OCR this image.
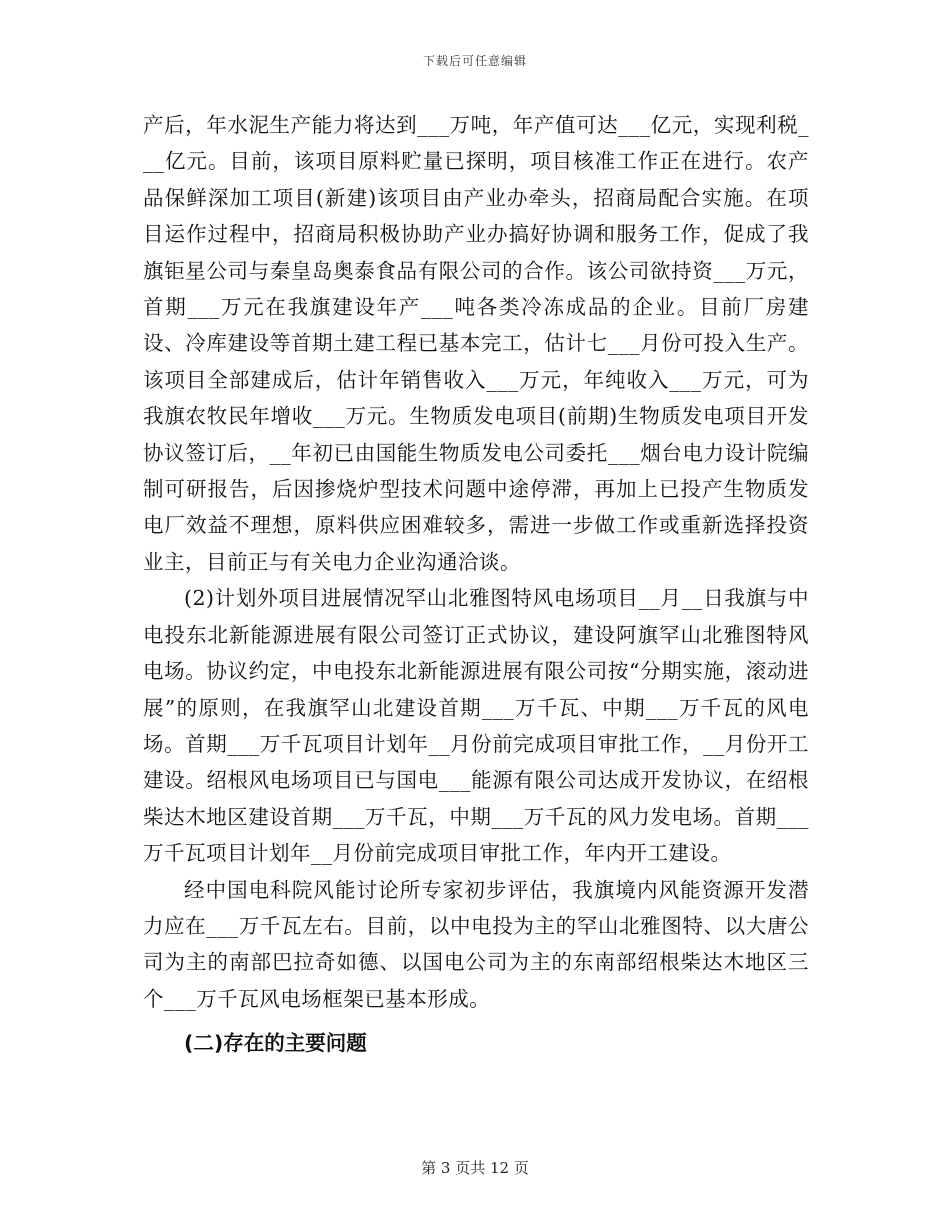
下载后可任意编辑

产后，年水泥生产能力将达到___万吨，年产值可达___亿元，实现利税___亿元。目前，该项目原料贮量已探明，项目核准工作正在进行。农产品保鲜深加工项目(新建)该项目由产业办牵头，招商局配合实施。在项目运作过程中，招商局积极协助产业办搞好协调和服务工作，促成了我旗钜星公司与秦皇岛奥泰食品有限公司的合作。该公司欲持资___万元，首期___万元在我旗建设年产___吨各类冷冻成品的企业。目前厂房建设、冷库建设等首期土建工程已基本完工，估计七___月份可投入生产。该项目全部建成后，估计年销售收入___万元，年纯收入___万元，可为我旗农牧民年增收___万元。生物质发电项目(前期)生物质发电项目开发协议签订后，__年初已由国能生物质发电公司委托___烟台电力设计院编制可研报告，后因掺烧炉型技术问题中途停滞，再加上已投产生物质发电厂效益不理想，原料供应困难较多，需进一步做工作或重新选择投资业主，目前正与有关电力企业沟通洽谈。

(2)计划外项目进展情况罕山北雅图特风电场项目__月__日我旗与中电投东北新能源进展有限公司签订正式协议，建设阿旗罕山北雅图特风电场。协议约定，中电投东北新能源进展有限公司按“分期实施，滚动进展”的原则，在我旗罕山北建设首期___万千瓦、中期___万千瓦的风电场。首期___万千瓦项目计划年__月份前完成项目审批工作，__月份开工建设。绍根风电场项目已与国电___能源有限公司达成开发协议，在绍根柴达木地区建设首期___万千瓦，中期___万千瓦的风力发电场。首期___万千瓦项目计划年__月份前完成项目审批工作，年内开工建设。

经中国电科院风能讨论所专家初步评估，我旗境内风能资源开发潜力应在___万千瓦左右。目前，以中电投为主的罕山北雅图特、以大唐公司为主的南部巴拉奇如德、以国电公司为主的东南部绍根柴达木地区三个___万千瓦风电场框架已基本形成。

(二)存在的主要问题
第 3 页共 12 页
